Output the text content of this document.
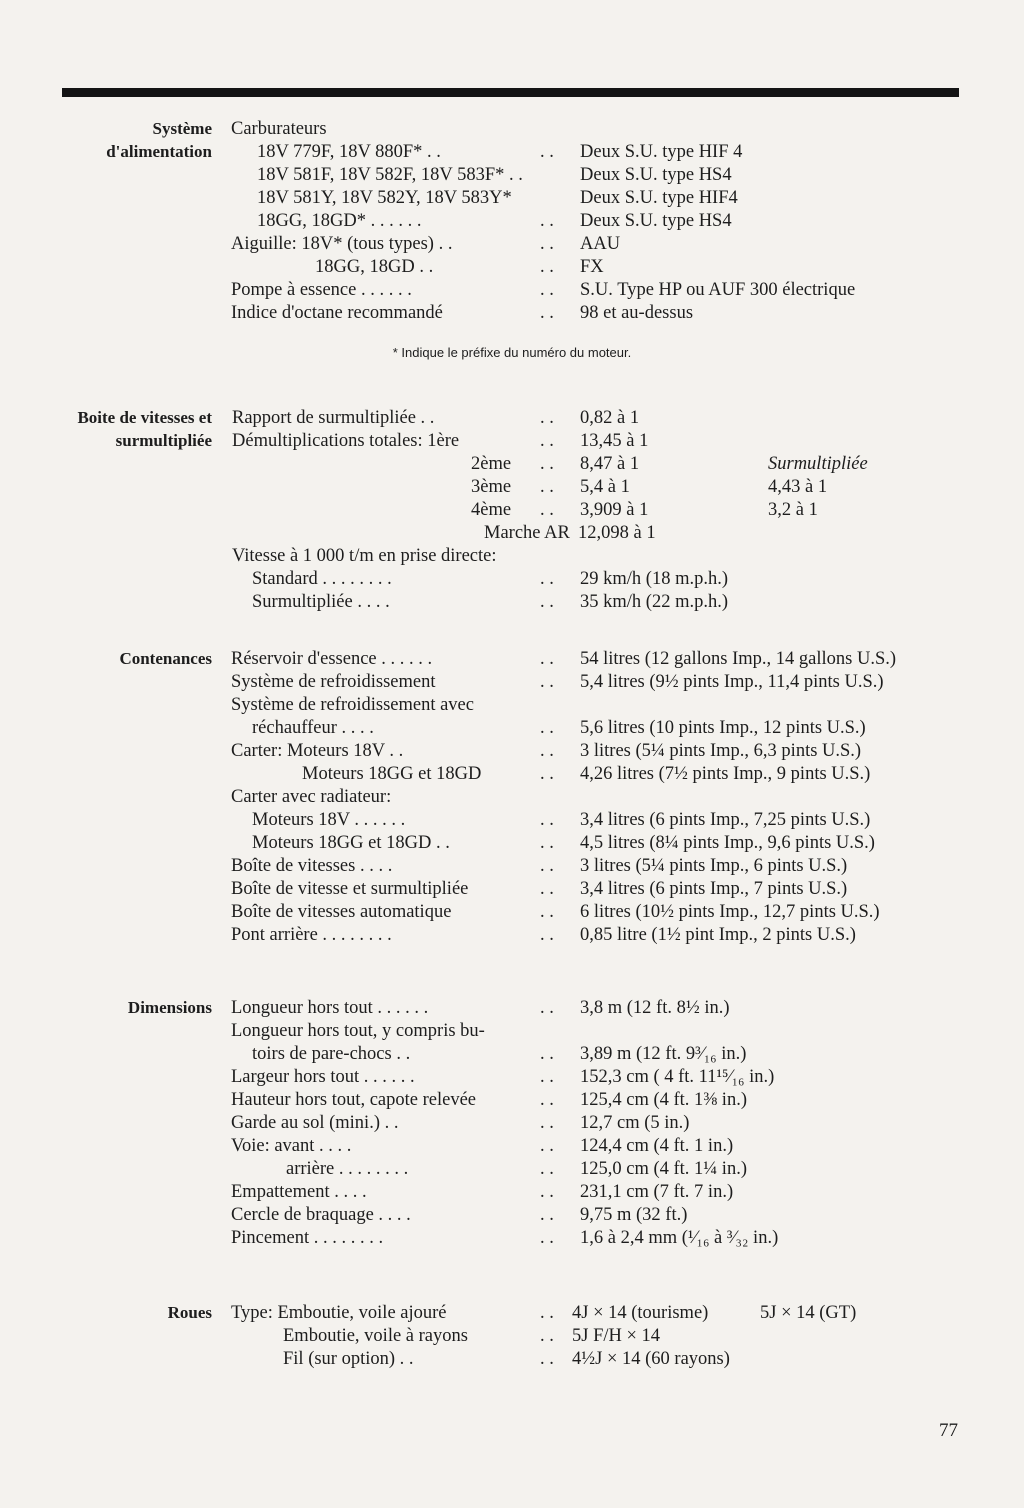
Système d'alimentation
Carburateurs
18V 779F, 18V 880F* . .	. . Deux S.U. type HIF 4
18V 581F, 18V 582F, 18V 583F* . .	Deux S.U. type HS4
18V 581Y, 18V 582Y, 18V 583Y*	Deux S.U. type HIF4
18GG, 18GD* . . . . . .	. . Deux S.U. type HS4
Aiguille: 18V* (tous types) . .	. . AAU
18GG, 18GD . .	. . FX
Pompe à essence . . . . . .	. . S.U. Type HP ou AUF 300 électrique
Indice d'octane recommandé	. . 98 et au-dessus
* Indique le préfixe du numéro du moteur.
Boite de vitesses et surmultipliée
Rapport de surmultipliée . .	. . 0,82 à 1
Démultiplications totales: 1ère	. . 13,45 à 1
2ème . . 8,47 à 1	Surmultipliée
3ème . . 5,4 à 1	4,43 à 1
4ème . . 3,909 à 1	3,2 à 1
Marche AR 12,098 à 1
Vitesse à 1 000 t/m en prise directe:
Standard . . . . . . . .	. . 29 km/h (18 m.p.h.)
Surmultipliée . . . .	. . 35 km/h (22 m.p.h.)
Contenances Réservoir d'essence . . . . . .	. . 54 litres (12 gallons Imp., 14 gallons U.S.)
Système de refroidissement	. . 5,4 litres (9½ pints Imp., 11,4 pints U.S.)
Système de refroidissement avec
réchauffeur . . . .	. . 5,6 litres (10 pints Imp., 12 pints U.S.)
Carter: Moteurs 18V . .	. . 3 litres (5¼ pints Imp., 6,3 pints U.S.)
Moteurs 18GG et 18GD	. . 4,26 litres (7½ pints Imp., 9 pints U.S.)
Carter avec radiateur:
Moteurs 18V . . . . . .	. . 3,4 litres (6 pints Imp., 7,25 pints U.S.)
Moteurs 18GG et 18GD . .	. . 4,5 litres (8¼ pints Imp., 9,6 pints U.S.)
Boîte de vitesses . . . .	. . 3 litres (5¼ pints Imp., 6 pints U.S.)
Boîte de vitesse et surmultipliée	. . 3,4 litres (6 pints Imp., 7 pints U.S.)
Boîte de vitesses automatique	. . 6 litres (10½ pints Imp., 12,7 pints U.S.)
Pont arrière . . . . . . . .	. . 0,85 litre (1½ pint Imp., 2 pints U.S.)
Dimensions Longueur hors tout . . . . . .	. . 3,8 m (12 ft. 8½ in.)
Longueur hors tout, y compris bu-
toirs de pare-chocs . .	. . 3,89 m (12 ft. 9³⁄₁₆ in.)
Largeur hors tout . . . . . .	. . 152,3 cm ( 4 ft. 11¹⁵⁄₁₆ in.)
Hauteur hors tout, capote relevée	. . 125,4 cm (4 ft. 1⅜ in.)
Garde au sol (mini.) . .	. . 12,7 cm (5 in.)
Voie: avant . . . .	. . 124,4 cm (4 ft. 1 in.)
arrière . . . . . . . .	. . 125,0 cm (4 ft. 1¼ in.)
Empattement . . . .	. . 231,1 cm (7 ft. 7 in.)
Cercle de braquage . . . .	. . 9,75 m (32 ft.)
Pincement . . . . . . . .	. . 1,6 à 2,4 mm (¹⁄₁₆ à ³⁄₃₂ in.)
Roues Type: Emboutie, voile ajouré	. . 4J × 14 (tourisme)	5J × 14 (GT)
Emboutie, voile à rayons	. . 5J F/H × 14
Fil (sur option) . .	. . 4½J × 14 (60 rayons)
77
